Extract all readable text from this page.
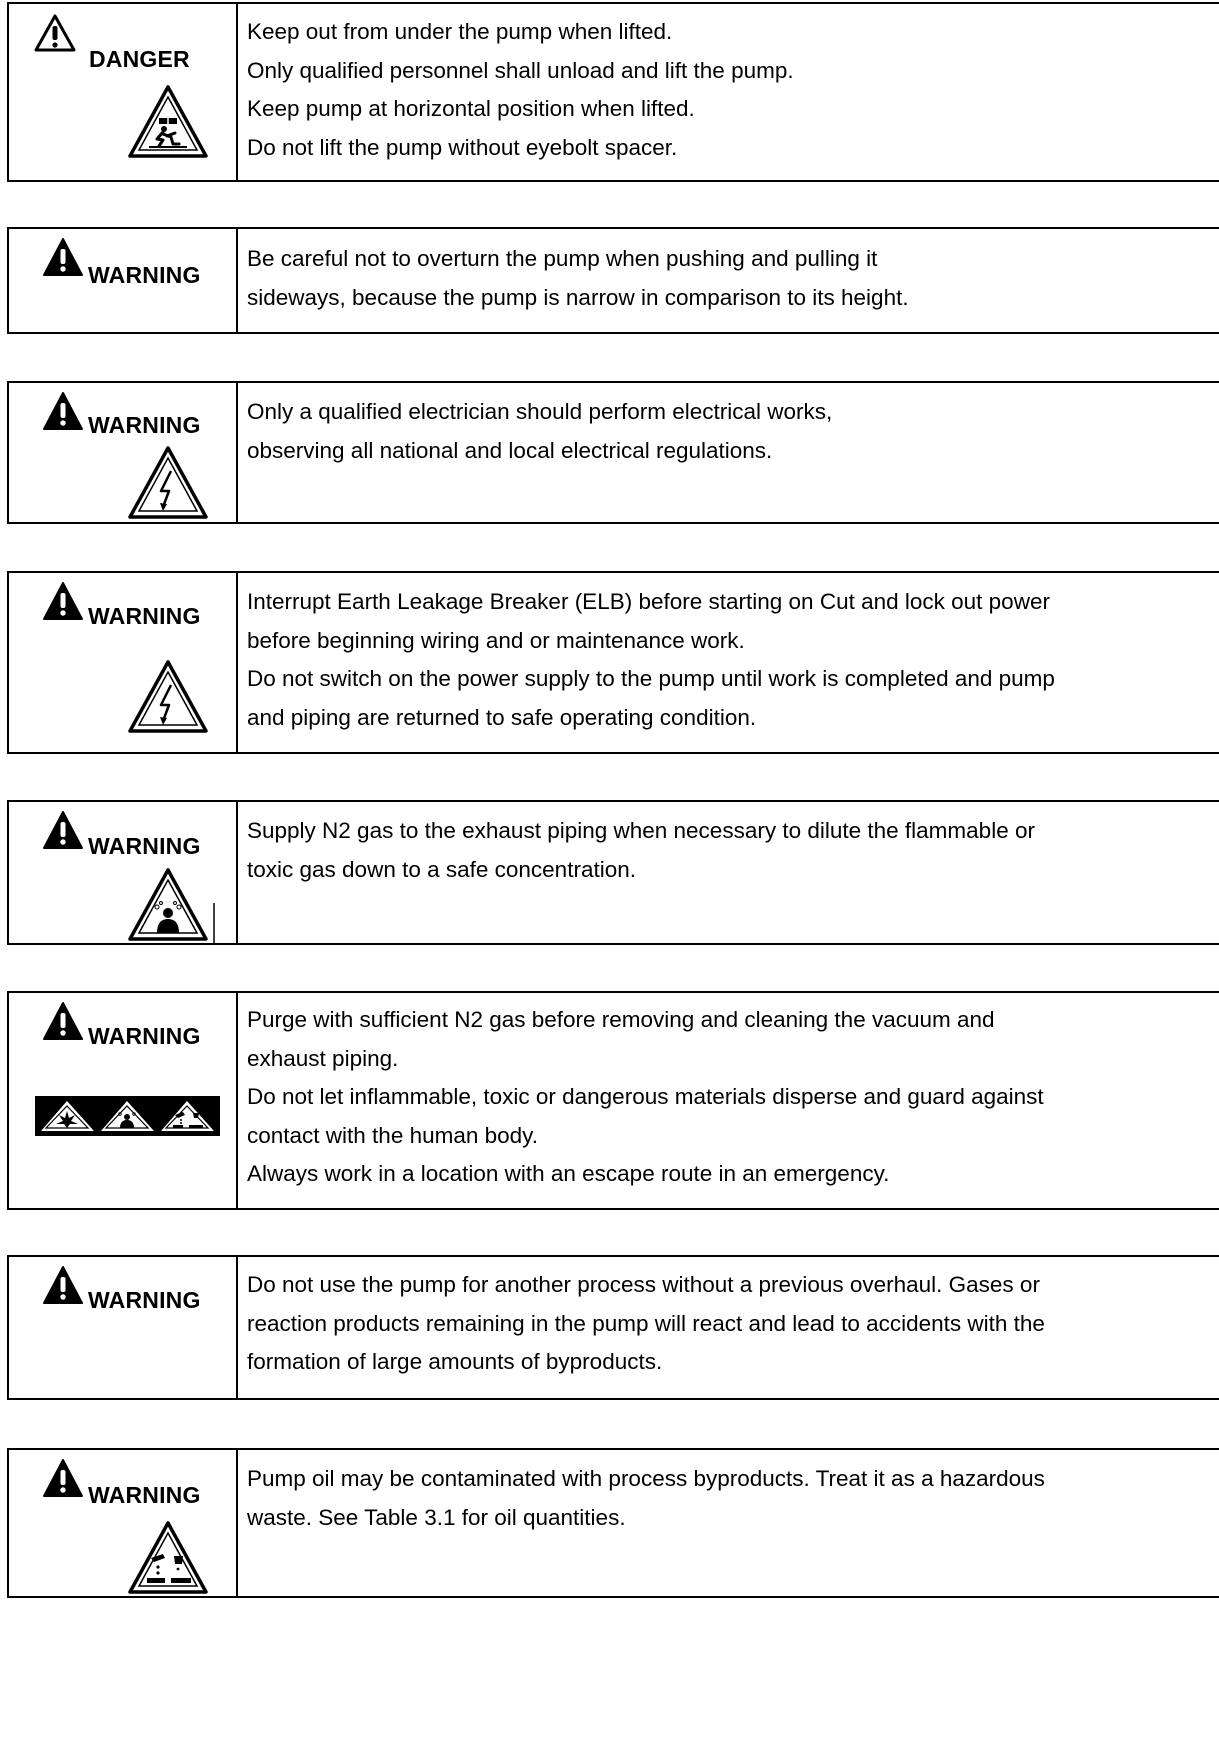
DANGER
Keep out from under the pump when lifted.
Only qualified personnel shall unload and lift the pump.
Keep pump at horizontal position when lifted.
Do not lift the pump without eyebolt spacer.
WARNING
Be careful not to overturn the pump when pushing and pulling it
sideways, because the pump is narrow in comparison to its height.
WARNING
Only a qualified electrician should perform electrical works,
observing all national and local electrical regulations.
WARNING
Interrupt Earth Leakage Breaker (ELB) before starting on Cut and lock out power
before beginning wiring and or maintenance work.
Do not switch on the power supply to the pump until work is completed and pump
and piping are returned to safe operating condition.
WARNING
Supply N2 gas to the exhaust piping when necessary to dilute the flammable or
toxic gas down to a safe concentration.
WARNING
Purge with sufficient N2 gas before removing and cleaning the vacuum and
exhaust piping.
Do not let inflammable, toxic or dangerous materials disperse and guard against
contact with the human body.
Always work in a location with an escape route in an emergency.
WARNING
Do not use the pump for another process without a previous overhaul. Gases or
reaction products remaining in the pump will react and lead to accidents with the
formation of large amounts of byproducts.
WARNING
Pump oil may be contaminated with process byproducts. Treat it as a hazardous
waste. See Table 3.1 for oil quantities.
